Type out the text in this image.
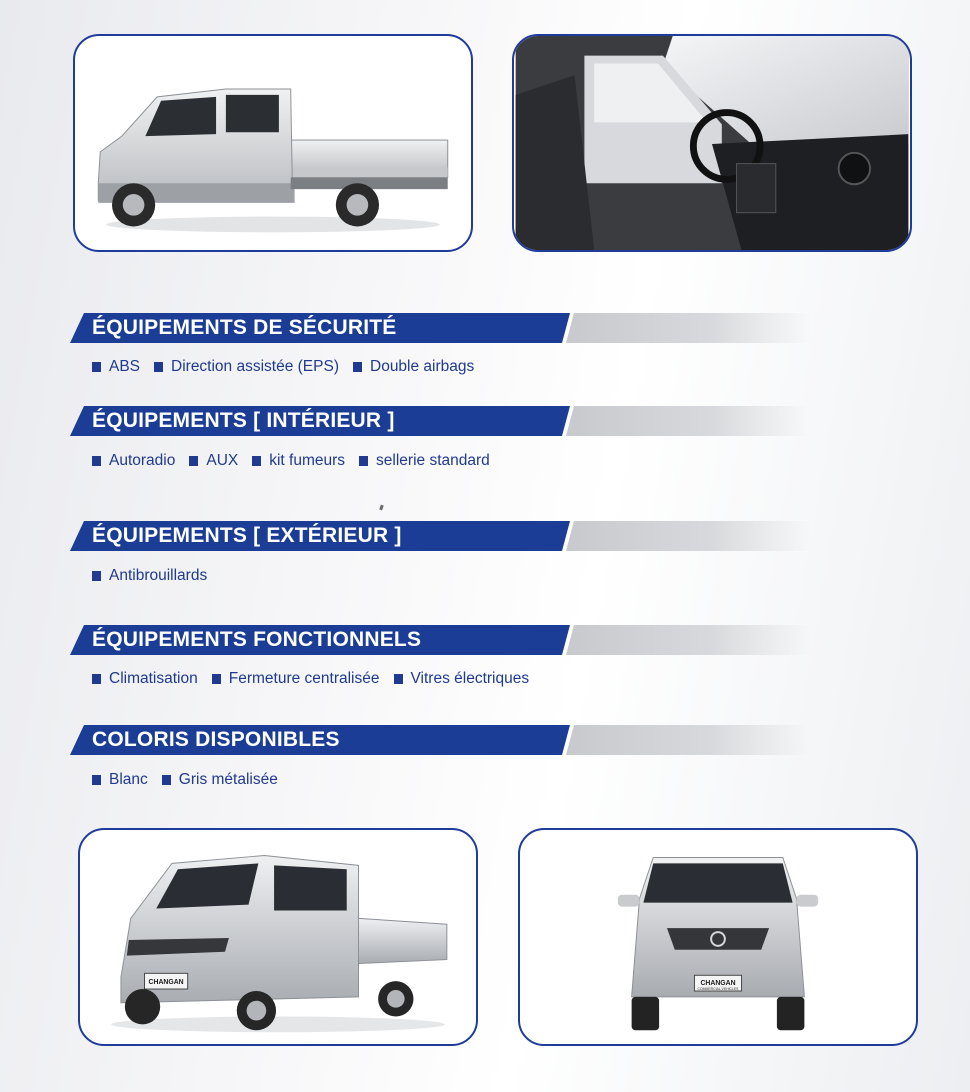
ÉQUIPEMENTS DE SÉCURITÉ
ABS Direction assistée (EPS) Double airbags
ÉQUIPEMENTS [ INTÉRIEUR ]
Autoradio AUX kit fumeurs sellerie standard
ÉQUIPEMENTS [ EXTÉRIEUR ]
Antibrouillards
ÉQUIPEMENTS FONCTIONNELS
Climatisation Fermeture centralisée Vitres électriques
COLORIS DISPONIBLES
Blanc Gris métalisée
CHANGAN	CHANGAN
COMMERCIAL VEHICLES
